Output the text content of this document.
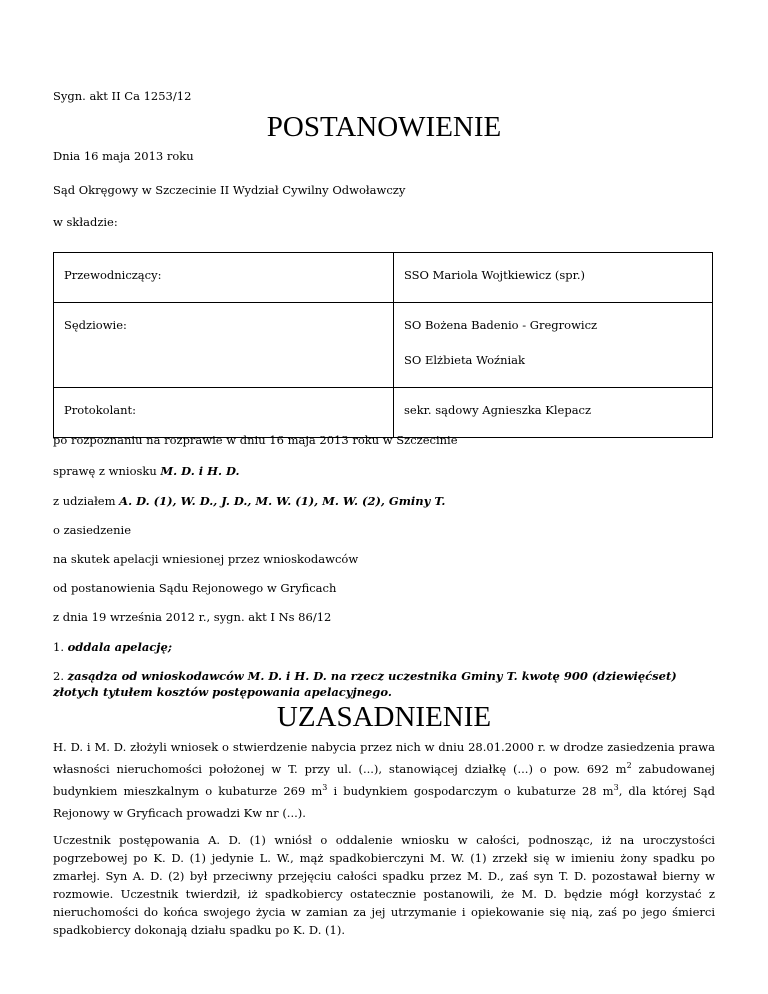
Sygn. akt II Ca 1253/12
POSTANOWIENIE
Dnia 16 maja 2013 roku
Sąd Okręgowy w Szczecinie II Wydział Cywilny Odwoławczy
w składzie:

Przewodniczący:	SSO Mariola Wojtkiewicz (spr.)

Sędziowie:	SO Bożena Badenio - Gregrowicz

SO Elżbieta Woźniak

Protokolant:	sekr. sądowy Agnieszka Klepacz

po rozpoznaniu na rozprawie w dniu 16 maja 2013 roku w Szczecinie
sprawę z wniosku M. D. i H. D.
z udziałem A. D. (1), W. D., J. D., M. W. (1), M. W. (2), Gminy T.
o zasiedzenie
na skutek apelacji wniesionej przez wnioskodawców
od postanowienia Sądu Rejonowego w Gryficach
z dnia 19 września 2012 r., sygn. akt I Ns 86/12
1. oddala apelację;
2. zasądza od wnioskodawców M. D. i H. D. na rzecz uczestnika Gminy T. kwotę 900 (dziewięćset) złotych tytułem kosztów postępowania apelacyjnego.
UZASADNIENIE
H. D. i M. D. złożyli wniosek o stwierdzenie nabycia przez nich w dniu 28.01.2000 r. w drodze zasiedzenia prawa własności nieruchomości położonej w T. przy ul. (...), stanowiącej działkę (...) o pow. 692 $m^2$ zabudowanej budynkiem mieszkalnym o kubaturze 269 $m^3$ i budynkiem gospodarczym o kubaturze 28 $m^3$, dla której Sąd Rejonowy w Gryficach prowadzi Kw nr (...).
Uczestnik postępowania A. D. (1) wniósł o oddalenie wniosku w całości, podnosząc, iż na uroczystości pogrzebowej po K. D. (1) jedynie L. W., mąż spadkobierczyni M. W. (1) zrzekł się w imieniu żony spadku po zmarłej. Syn A. D. (2) był przeciwny przejęciu całości spadku przez M. D., zaś syn T. D. pozostawał bierny w rozmowie. Uczestnik twierdził, iż spadkobiercy ostatecznie postanowili, że M. D. będzie mógł korzystać z nieruchomości do końca swojego życia w zamian za jej utrzymanie i opiekowanie się nią, zaś po jego śmierci spadkobiercy dokonają działu spadku po K. D. (1).
